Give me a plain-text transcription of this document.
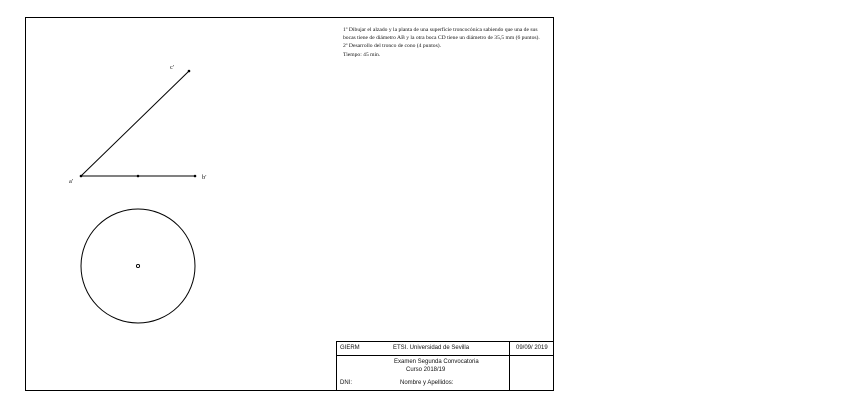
a'
b'
c'
1º Dibujar el alzado y la planta de una superficie troncocónica sabiendo que una de sus
bocas tiene de diámetro AB y la otra boca CD tiene un diámetro de 35,5 mm (6 puntos).
2º Desarrollo del tronco de cono (4 puntos).
Tiempo: 45 min.
GIERM	ETSI. Universidad de Sevilla	09/09/ 2019
Examen Segunda Convocatoria
Curso 2018/19
DNI:	Nombre y Apellidos:
